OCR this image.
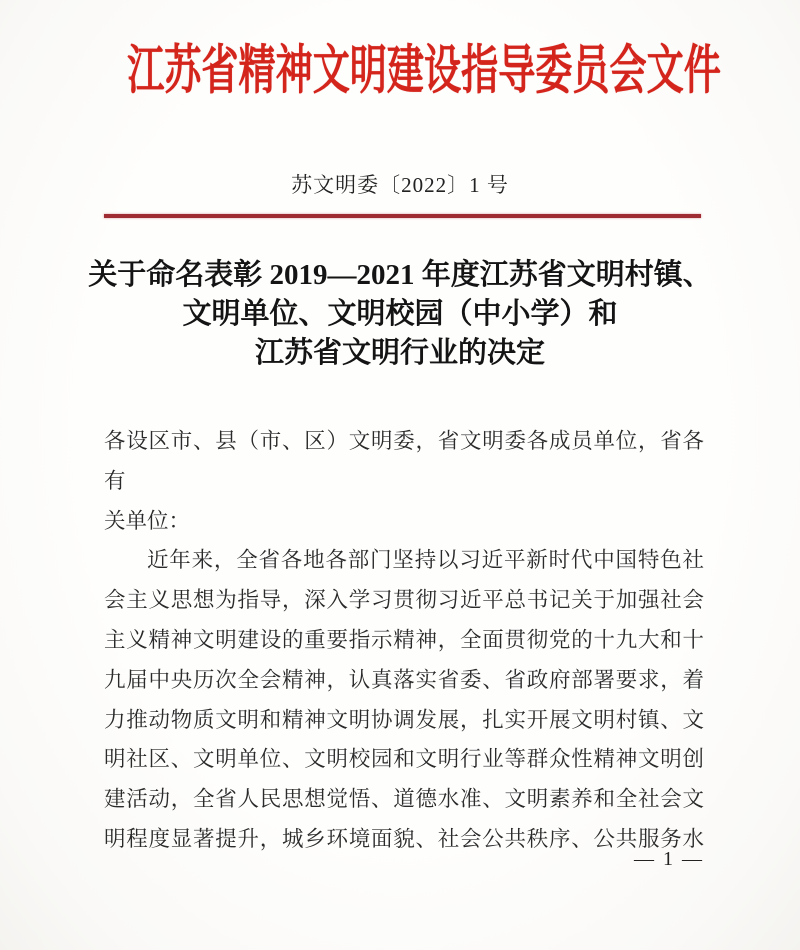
江苏省精神文明建设指导委员会文件
苏文明委〔2022〕1 号
关于命名表彰 2019—2021 年度江苏省文明村镇、
文明单位、文明校园（中小学）和
江苏省文明行业的决定
各设区市、县（市、区）文明委，省文明委各成员单位，省各有
关单位：
近年来，全省各地各部门坚持以习近平新时代中国特色社
会主义思想为指导，深入学习贯彻习近平总书记关于加强社会
主义精神文明建设的重要指示精神，全面贯彻党的十九大和十
九届中央历次全会精神，认真落实省委、省政府部署要求，着
力推动物质文明和精神文明协调发展，扎实开展文明村镇、文
明社区、文明单位、文明校园和文明行业等群众性精神文明创
建活动，全省人民思想觉悟、道德水准、文明素养和全社会文
明程度显著提升，城乡环境面貌、社会公共秩序、公共服务水
— 1 —
